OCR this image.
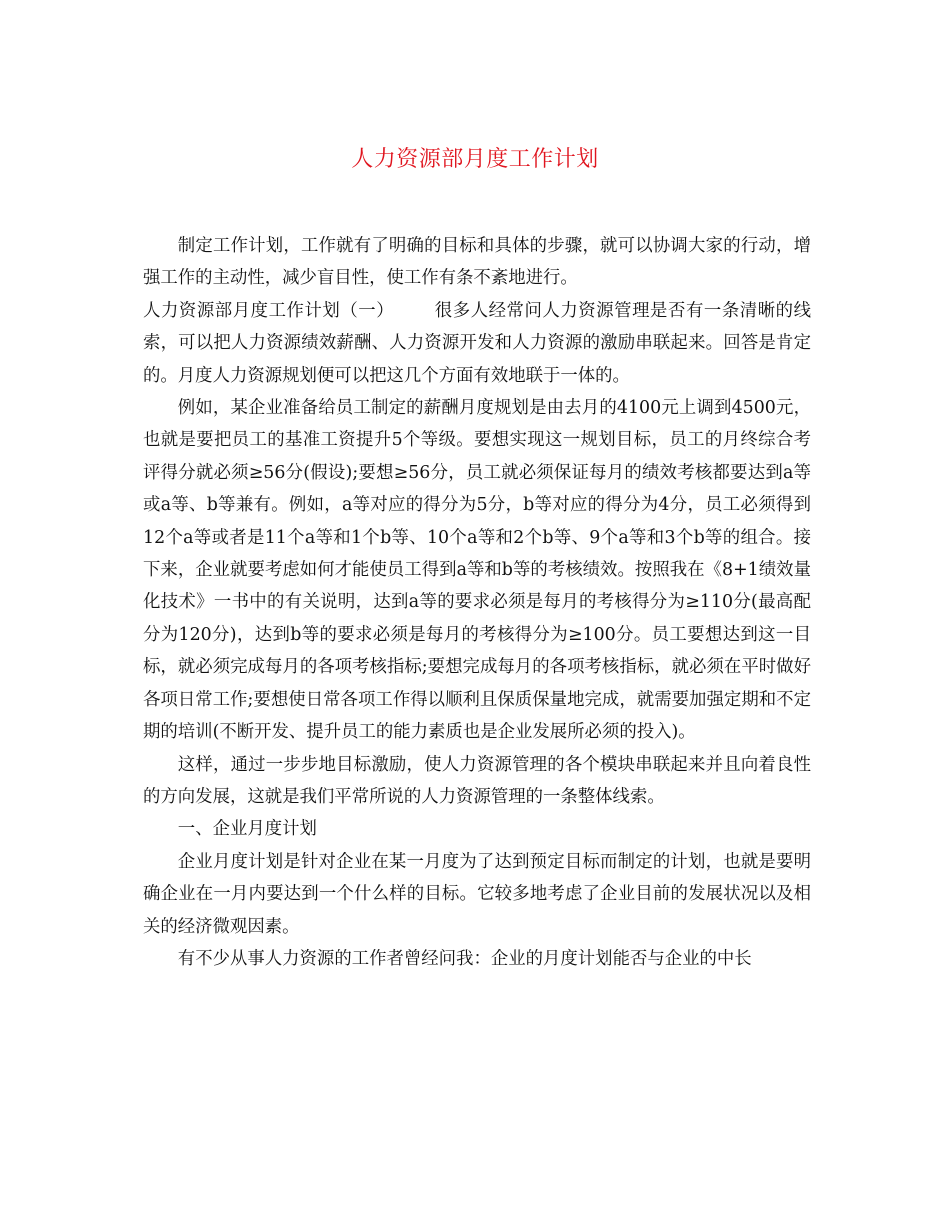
人力资源部月度工作计划

制定工作计划，工作就有了明确的目标和具体的步骤，就可以协调大家的行动，增强工作的主动性，减少盲目性，使工作有条不紊地进行。

人力资源部月度工作计划（一） 很多人经常问人力资源管理是否有一条清晰的线索，可以把人力资源绩效薪酬、人力资源开发和人力资源的激励串联起来。回答是肯定的。月度人力资源规划便可以把这几个方面有效地联于一体的。

例如，某企业准备给员工制定的薪酬月度规划是由去月的4100元上调到4500元，也就是要把员工的基准工资提升5个等级。要想实现这一规划目标，员工的月终综合考评得分就必须≥56分(假设);要想≥56分，员工就必须保证每月的绩效考核都要达到a等或a等、b等兼有。例如，a等对应的得分为5分，b等对应的得分为4分，员工必须得到12个a等或者是11个a等和1个b等、10个a等和2个b等、9个a等和3个b等的组合。接下来，企业就要考虑如何才能使员工得到a等和b等的考核绩效。按照我在《8+1绩效量化技术》一书中的有关说明，达到a等的要求必须是每月的考核得分为≥110分(最高配分为120分)，达到b等的要求必须是每月的考核得分为≥100分。员工要想达到这一目标，就必须完成每月的各项考核指标;要想完成每月的各项考核指标，就必须在平时做好各项日常工作;要想使日常各项工作得以顺利且保质保量地完成，就需要加强定期和不定期的培训(不断开发、提升员工的能力素质也是企业发展所必须的投入)。

这样，通过一步步地目标激励，使人力资源管理的各个模块串联起来并且向着良性的方向发展，这就是我们平常所说的人力资源管理的一条整体线索。

一、企业月度计划

企业月度计划是针对企业在某一月度为了达到预定目标而制定的计划，也就是要明确企业在一月内要达到一个什么样的目标。它较多地考虑了企业目前的发展状况以及相关的经济微观因素。

有不少从事人力资源的工作者曾经问我：企业的月度计划能否与企业的中长
